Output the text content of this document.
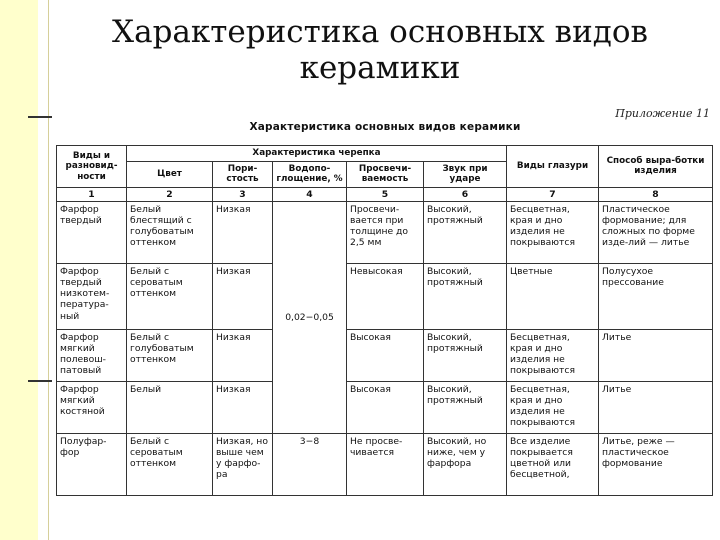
Характеристика основных видов керамики
Приложение 11
Характеристика основных видов керамики
Виды и разновид-ности	Характеристика черепка					Виды глазури	Способ выра-ботки изделия
	Цвет	Пори-стость	Водопо-глощение, %	Просвечи-ваемость	Звук при ударе		
1	2	3	4	5	6	7	8
Фарфор твердый	Белый блестящий с голубоватым оттенком	Низкая	0,02−0,05	Просвечи-вается при толщине до 2,5 мм	Высокий, протяжный	Бесцветная, края и дно изделия не покрываются	Пластическое формование; для сложных по форме изде-лий — литье
Фарфор твердый низкотем-пература-ный	Белый с сероватым оттенком	Низкая		Невысокая	Высокий, протяжный	Цветные	Полусухое прессование
Фарфор мягкий полевош-патовый	Белый с голубоватым оттенком	Низкая		Высокая	Высокий, протяжный	Бесцветная, края и дно изделия не покрываются	Литье
Фарфор мягкий костяной	Белый	Низкая		Высокая	Высокий, протяжный	Бесцветная, края и дно изделия не покрываются	Литье
Полуфар-фор	Белый с сероватым оттенком	Низкая, но выше чем у фарфо-ра	3−8	Не просве-чивается	Высокий, но ниже, чем у фарфора	Все изделие покрывается цветной или бесцветной,	Литье, реже — пластическое формование
